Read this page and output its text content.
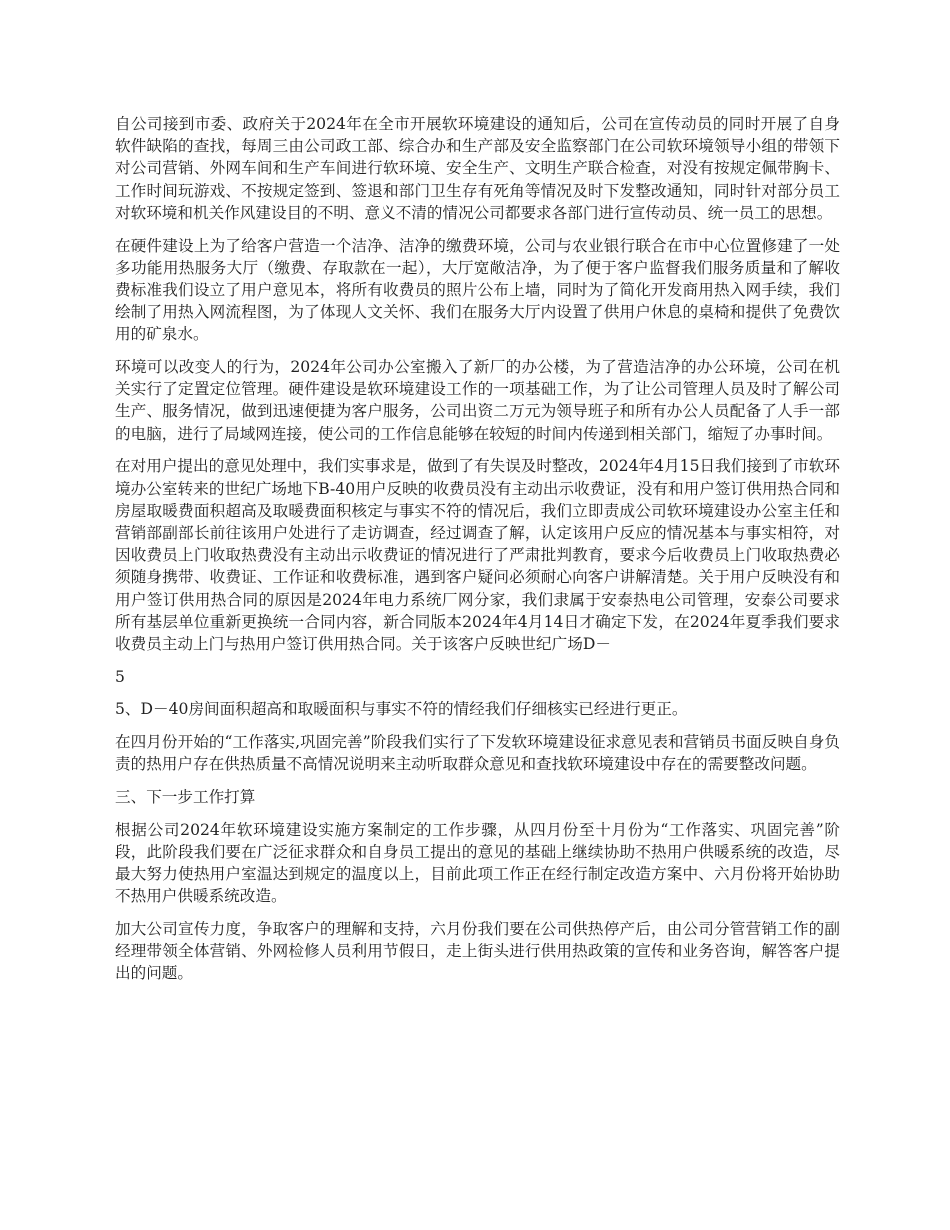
自公司接到市委、政府关于2024年在全市开展软环境建设的通知后，公司在宣传动员的同时开展了自身软件缺陷的查找，每周三由公司政工部、综合办和生产部及安全监察部门在公司软环境领导小组的带领下对公司营销、外网车间和生产车间进行软环境、安全生产、文明生产联合检查，对没有按规定佩带胸卡、工作时间玩游戏、不按规定签到、签退和部门卫生存有死角等情况及时下发整改通知，同时针对部分员工对软环境和机关作风建设目的不明、意义不清的情况公司都要求各部门进行宣传动员、统一员工的思想。

在硬件建设上为了给客户营造一个洁净、洁净的缴费环境，公司与农业银行联合在市中心位置修建了一处多功能用热服务大厅（缴费、存取款在一起），大厅宽敞洁净，为了便于客户监督我们服务质量和了解收费标准我们设立了用户意见本，将所有收费员的照片公布上墙，同时为了简化开发商用热入网手续，我们绘制了用热入网流程图，为了体现人文关怀、我们在服务大厅内设置了供用户休息的桌椅和提供了免费饮用的矿泉水。

环境可以改变人的行为，2024年公司办公室搬入了新厂的办公楼，为了营造洁净的办公环境，公司在机关实行了定置定位管理。硬件建设是软环境建设工作的一项基础工作，为了让公司管理人员及时了解公司生产、服务情况，做到迅速便捷为客户服务，公司出资二万元为领导班子和所有办公人员配备了人手一部的电脑，进行了局域网连接，使公司的工作信息能够在较短的时间内传递到相关部门，缩短了办事时间。

在对用户提出的意见处理中，我们实事求是，做到了有失误及时整改，2024年4月15日我们接到了市软环境办公室转来的世纪广场地下B-40用户反映的收费员没有主动出示收费证，没有和用户签订供用热合同和房屋取暖费面积超高及取暖费面积核定与事实不符的情况后，我们立即责成公司软环境建设办公室主任和营销部副部长前往该用户处进行了走访调查，经过调查了解，认定该用户反应的情况基本与事实相符，对因收费员上门收取热费没有主动出示收费证的情况进行了严肃批判教育，要求今后收费员上门收取热费必须随身携带、收费证、工作证和收费标准，遇到客户疑问必须耐心向客户讲解清楚。关于用户反映没有和用户签订供用热合同的原因是2024年电力系统厂网分家，我们隶属于安泰热电公司管理，安泰公司要求所有基层单位重新更换统一合同内容，新合同版本2024年4月14日才确定下发，在2024年夏季我们要求收费员主动上门与热用户签订供用热合同。关于该客户反映世纪广场D－

5

5、D－40房间面积超高和取暖面积与事实不符的情经我们仔细核实已经进行更正。

在四月份开始的“工作落实,巩固完善”阶段我们实行了下发软环境建设征求意见表和营销员书面反映自身负责的热用户存在供热质量不高情况说明来主动听取群众意见和查找软环境建设中存在的需要整改问题。

三、下一步工作打算

根据公司2024年软环境建设实施方案制定的工作步骤，从四月份至十月份为“工作落实、巩固完善”阶段，此阶段我们要在广泛征求群众和自身员工提出的意见的基础上继续协助不热用户供暖系统的改造，尽最大努力使热用户室温达到规定的温度以上，目前此项工作正在经行制定改造方案中、六月份将开始协助不热用户供暖系统改造。

加大公司宣传力度，争取客户的理解和支持，六月份我们要在公司供热停产后，由公司分管营销工作的副经理带领全体营销、外网检修人员利用节假日，走上街头进行供用热政策的宣传和业务咨询，解答客户提出的问题。
